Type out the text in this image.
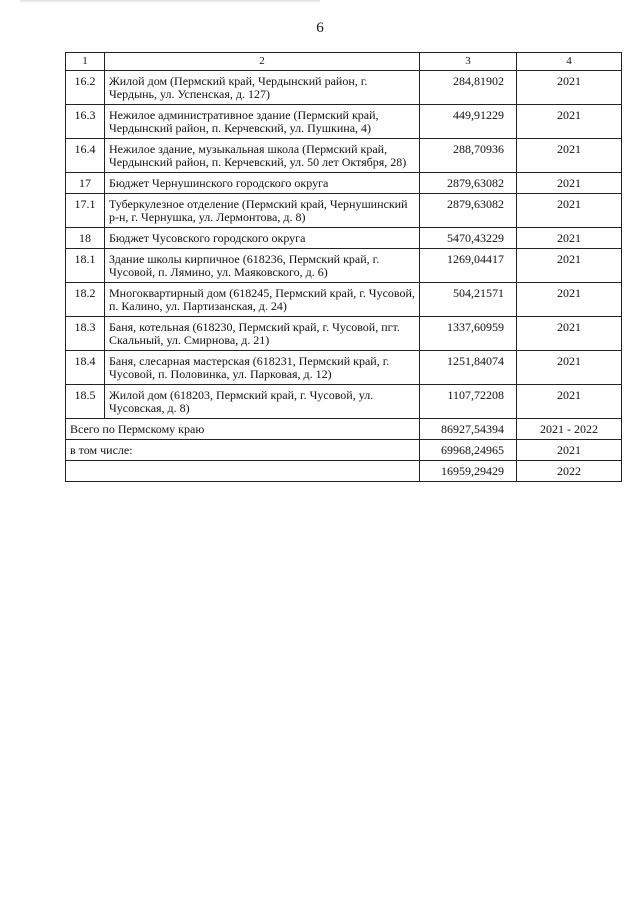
6
1	2	3	4
16.2	Жилой дом (Пермский край, Чердынский район, г. Чердынь, ул. Успенская, д. 127)	284,81902	2021
16.3	Нежилое административное здание (Пермский край, Чердынский район, п. Керчевский, ул. Пушкина, 4)	449,91229	2021
16.4	Нежилое здание, музыкальная школа (Пермский край, Чердынский район, п. Керчевский, ул. 50 лет Октября, 28)	288,70936	2021
17	Бюджет Чернушинского городского округа	2879,63082	2021
17.1	Туберкулезное отделение (Пермский край, Чернушинский р-н, г. Чернушка, ул. Лермонтова, д. 8)	2879,63082	2021
18	Бюджет Чусовского городского округа	5470,43229	2021
18.1	Здание школы кирпичное (618236, Пермский край, г. Чусовой, п. Лямино, ул. Маяковского, д. 6)	1269,04417	2021
18.2	Многоквартирный дом (618245, Пермский край, г. Чусовой, п. Калино, ул. Партизанская, д. 24)	504,21571	2021
18.3	Баня, котельная (618230, Пермский край, г. Чусовой, пгт. Скальный, ул. Смирнова, д. 21)	1337,60959	2021
18.4	Баня, слесарная мастерская (618231, Пермский край, г. Чусовой, п. Половинка, ул. Парковая, д. 12)	1251,84074	2021
18.5	Жилой дом (618203, Пермский край, г. Чусовой, ул. Чусовская, д. 8)	1107,72208	2021
Всего по Пермскому краю		86927,54394	2021 - 2022
в том числе:		69968,24965	2021
		16959,29429	2022
